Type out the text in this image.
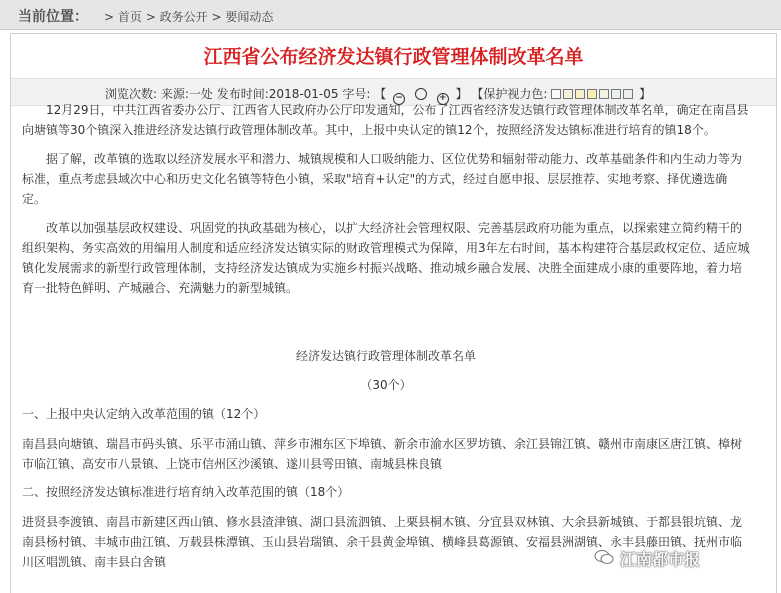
当前位置： > 首页 > 政务公开 > 要闻动态
江西省公布经济发达镇行政管理体制改革名单
浏览次数: 来源:一处 发布时间:2018-01-05 字号: 【 −	+ 】 【保护视力色:	】

12月29日，中共江西省委办公厅、江西省人民政府办公厅印发通知，公布了江西省经济发达镇行政管理体制改革名单，确定在南昌县向塘镇等30个镇深入推进经济发达镇行政管理体制改革。其中，上报中央认定的镇12个，按照经济发达镇标准进行培育的镇18个。

据了解，改革镇的选取以经济发展水平和潜力、城镇规模和人口吸纳能力、区位优势和辐射带动能力、改革基础条件和内生动力等为标准，重点考虑县域次中心和历史文化名镇等特色小镇，采取"培育+认定"的方式，经过自愿申报、层层推荐、实地考察、择优遴选确定。

改革以加强基层政权建设、巩固党的执政基础为核心，以扩大经济社会管理权限、完善基层政府功能为重点，以探索建立简约精干的组织架构、务实高效的用编用人制度和适应经济发达镇实际的财政管理模式为保障，用3年左右时间，基本构建符合基层政权定位、适应城镇化发展需求的新型行政管理体制，支持经济发达镇成为实施乡村振兴战略、推动城乡融合发展、决胜全面建成小康的重要阵地，着力培育一批特色鲜明、产城融合、充满魅力的新型城镇。

经济发达镇行政管理体制改革名单
（30个）
一、上报中央认定纳入改革范围的镇（12个）
南昌县向塘镇、瑞昌市码头镇、乐平市涌山镇、萍乡市湘东区下埠镇、新余市渝水区罗坊镇、余江县锦江镇、赣州市南康区唐江镇、樟树市临江镇、高安市八景镇、上饶市信州区沙溪镇、遂川县雩田镇、南城县株良镇
二、按照经济发达镇标准进行培育纳入改革范围的镇（18个）
进贤县李渡镇、南昌市新建区西山镇、修水县渣津镇、湖口县流泗镇、上栗县桐木镇、分宜县双林镇、大余县新城镇、于都县银坑镇、龙南县杨村镇、丰城市曲江镇、万载县株潭镇、玉山县岩瑞镇、余干县黄金埠镇、横峰县葛源镇、安福县洲湖镇、永丰县藤田镇、抚州市临川区唱凯镇、南丰县白舍镇	江南都市报
